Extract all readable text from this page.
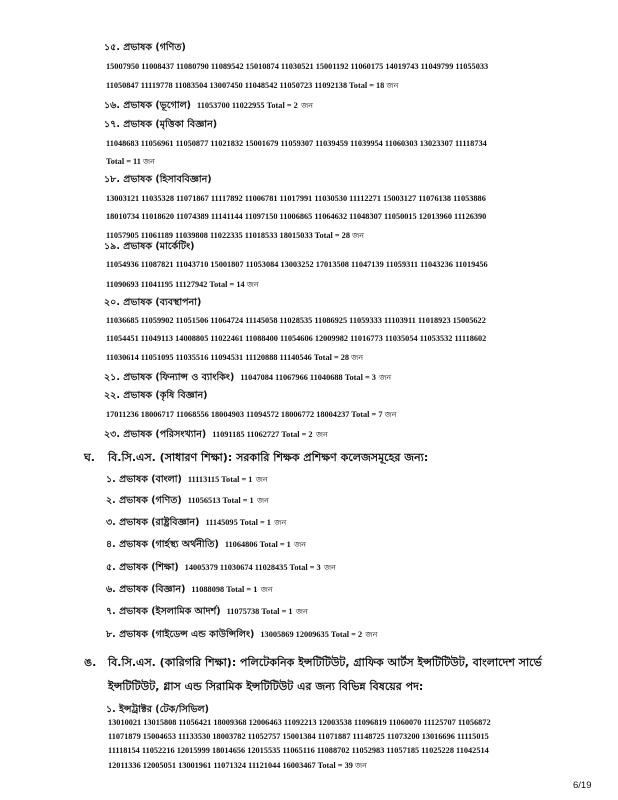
১৫. প্রভাষক (গণিত)
15007950 11008437 11080790 11089542 15010874 11030521 15001192 11060175 14019743 11049799 11055033
11050847 11119778 11083504 13007450 11048542 11050723 11092138 Total = 18 জন
১৬. প্রভাষক (ভূগোল) 11053700 11022955 Total = 2 জন
১৭. প্রভাষক (মৃত্তিকা বিজ্ঞান)
11048683 11056961 11050877 11021832 15001679 11059307 11039459 11039954 11060303 13023307 11118734
Total = 11 জন
১৮. প্রভাষক (হিসাববিজ্ঞান)
13003121 11035328 11071867 11117892 11006781 11017991 11030530 11112271 15003127 11076138 11053886
18010734 11018620 11074389 11141144 11097150 11006865 11064632 11048307 11050015 12013960 11126390
11057905 11061189 11039808 11022335 11018533 18015033 Total = 28 জন
১৯. প্রভাষক (মার্কেটিং)
11054936 11087821 11043710 15001807 11053084 13003252 17013508 11047139 11059311 11043236 11019456
11090693 11041195 11127942 Total = 14 জন
২০. প্রভাষক (ব্যবস্থাপনা)
11036685 11059902 11051506 11064724 11145058 11028535 11086925 11059333 11103911 11018923 15005622
11054451 11049113 14008805 11022461 11088400 11054606 12009982 11016773 11035054 11053532 11118602
11030614 11051095 11035516 11094531 11120888 11140546 Total = 28 জন
২১. প্রভাষক (ফিন্যান্স ও ব্যাংকিং) 11047084 11067966 11040688 Total = 3 জন
২২. প্রভাষক (কৃষি বিজ্ঞান)
17011236 18006717 11068556 18004903 11094572 18006772 18004237 Total = 7 জন
২৩. প্রভাষক (পরিসংখ্যান) 11091185 11062727 Total = 2 জন
ঘ. বি.সি.এস. (সাধারণ শিক্ষা): সরকারি শিক্ষক প্রশিক্ষণ কলেজসমূহের জন্য:
১. প্রভাষক (বাংলা) 11113115 Total = 1 জন
২. প্রভাষক (গণিত) 11056513 Total = 1 জন
৩. প্রভাষক (রাষ্ট্রবিজ্ঞান) 11145095 Total = 1 জন
৪. প্রভাষক (গার্হস্থ্য অর্থনীতি) 11064806 Total = 1 জন
৫. প্রভাষক (শিক্ষা) 14005379 11030674 11028435 Total = 3 জন
৬. প্রভাষক (বিজ্ঞান) 11088098 Total = 1 জন
৭. প্রভাষক (ইসলামিক আদর্শ) 11075738 Total = 1 জন
৮. প্রভাষক (গাইডেন্স এন্ড কাউন্সিলিং) 13005869 12009635 Total = 2 জন
ঙ. বি.সি.এস. (কারিগরি শিক্ষা): পলিটেকনিক ইন্সটিটিউট, গ্রাফিক আর্টস ইন্সটিটিউট, বাংলাদেশ সার্ভে
ইন্সটিটিউট, গ্লাস এন্ড সিরামিক ইন্সটিটিউট এর জন্য বিভিন্ন বিষয়ের পদ:
১. ইন্সট্রাক্টর (টেক/সিভিল)
13010021 13015808 11056421 18009368 12006463 11092213 12003538 11096819 11060070 11125707 11056872
11071879 15004653 11133530 18003782 11052757 15001384 11071887 11148725 11073200 13016696 11115015
11118154 11052216 12015999 18014656 12015535 11065116 11088702 11052983 11057185 11025228 11042514
12011336 12005051 13001961 11071324 11121044 16003467 Total = 39 জন
6/19
